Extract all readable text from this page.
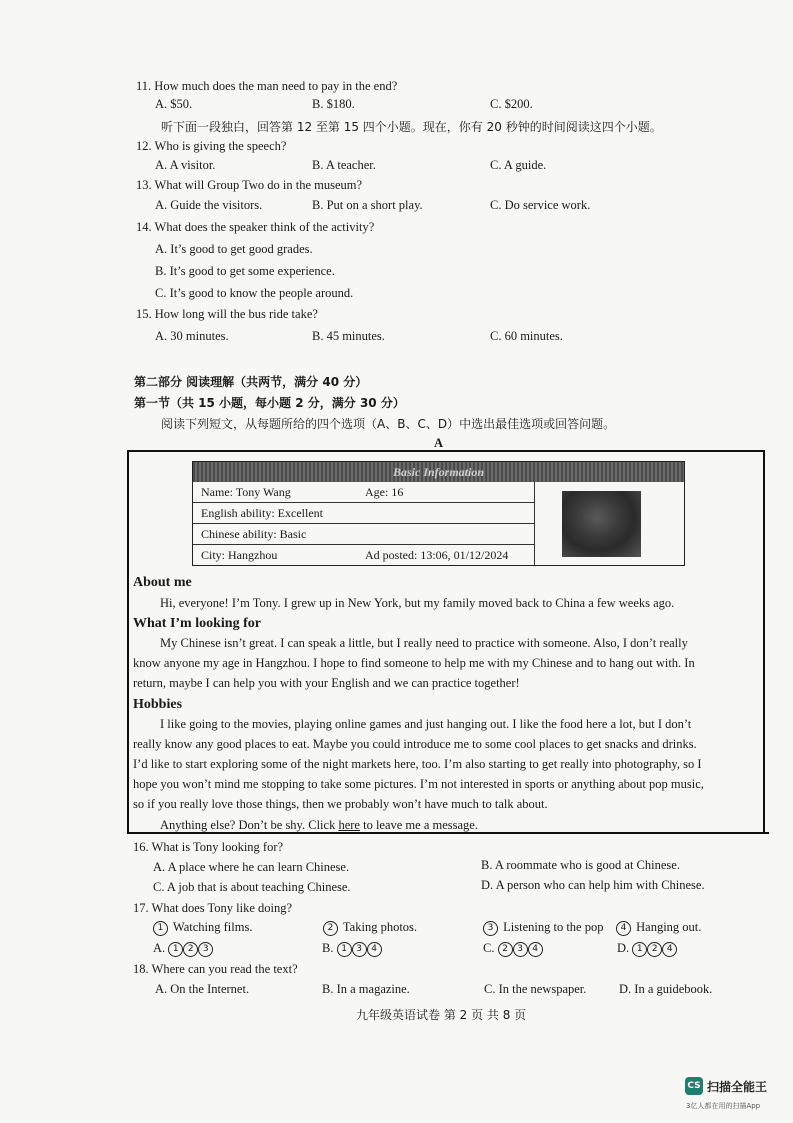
11. How much does the man need to pay in the end?
A. $50.	B. $180.	C. $200.
听下面一段独白，回答第 12 至第 15 四个小题。现在，你有 20 秒钟的时间阅读这四个小题。
12. Who is giving the speech?
A. A visitor.	B. A teacher.	C. A guide.
13. What will Group Two do in the museum?
A. Guide the visitors.	B. Put on a short play.	C. Do service work.
14. What does the speaker think of the activity?
A. It’s good to get good grades.
B. It’s good to get some experience.
C. It’s good to know the people around.
15. How long will the bus ride take?
A. 30 minutes.	B. 45 minutes.	C. 60 minutes.
第二部分 阅读理解（共两节，满分 40 分）
第一节（共 15 小题，每小题 2 分，满分 30 分）
阅读下列短文，从每题所给的四个选项（A、B、C、D）中选出最佳选项或回答问题。
A
Basic Information
Name: Tony Wang	Age: 16
English ability: Excellent
Chinese ability: Basic
City: Hangzhou	Ad posted: 13:06, 01/12/2024
About me
Hi, everyone! I’m Tony. I grew up in New York, but my family moved back to China a few weeks ago.
What I’m looking for
My Chinese isn’t great. I can speak a little, but I really need to practice with someone. Also, I don’t really
know anyone my age in Hangzhou. I hope to find someone to help me with my Chinese and to hang out with. In
return, maybe I can help you with your English and we can practice together!
Hobbies
I like going to the movies, playing online games and just hanging out. I like the food here a lot, but I don’t
really know any good places to eat. Maybe you could introduce me to some cool places to get snacks and drinks.
I’d like to start exploring some of the night markets here, too. I’m also starting to get really into photography, so I
hope you won’t mind me stopping to take some pictures. I’m not interested in sports or anything about pop music,
so if you really love those things, then we probably won’t have much to talk about.
Anything else? Don’t be shy. Click here to leave me a message.
16. What is Tony looking for?
A. A place where he can learn Chinese.	B. A roommate who is good at Chinese.
C. A job that is about teaching Chinese.	D. A person who can help him with Chinese.
17. What does Tony like doing?
1 Watching films.	2 Taking photos.	3 Listening to the pop	4 Hanging out.
A. 1 2 3	B. 1 3 4	C. 2 3 4	D. 1 2 4
18. Where can you read the text?
A. On the Internet.	B. In a magazine.	C. In the newspaper.	D. In a guidebook.
九年级英语试卷 第 2 页 共 8 页
CS 扫描全能王
3亿人都在用的扫描App
